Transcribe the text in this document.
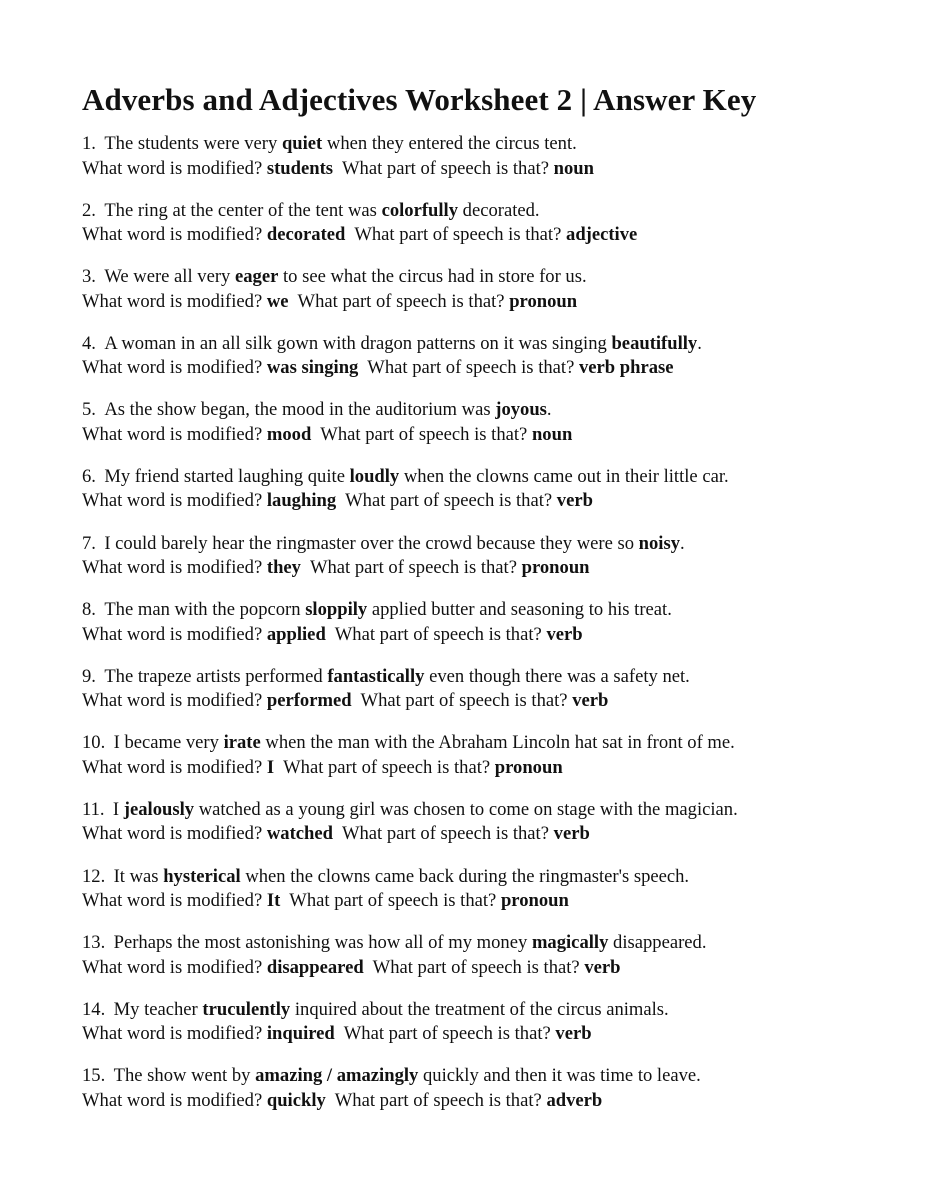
Adverbs and Adjectives Worksheet 2 | Answer Key
1. The students were very quiet when they entered the circus tent.
What word is modified? students What part of speech is that? noun
2. The ring at the center of the tent was colorfully decorated.
What word is modified? decorated What part of speech is that? adjective
3. We were all very eager to see what the circus had in store for us.
What word is modified? we What part of speech is that? pronoun
4. A woman in an all silk gown with dragon patterns on it was singing beautifully.
What word is modified? was singing What part of speech is that? verb phrase
5. As the show began, the mood in the auditorium was joyous.
What word is modified? mood What part of speech is that? noun
6. My friend started laughing quite loudly when the clowns came out in their little car.
What word is modified? laughing What part of speech is that? verb
7. I could barely hear the ringmaster over the crowd because they were so noisy.
What word is modified? they What part of speech is that? pronoun
8. The man with the popcorn sloppily applied butter and seasoning to his treat.
What word is modified? applied What part of speech is that? verb
9. The trapeze artists performed fantastically even though there was a safety net.
What word is modified? performed What part of speech is that? verb
10. I became very irate when the man with the Abraham Lincoln hat sat in front of me.
What word is modified? I What part of speech is that? pronoun
11. I jealously watched as a young girl was chosen to come on stage with the magician.
What word is modified? watched What part of speech is that? verb
12. It was hysterical when the clowns came back during the ringmaster's speech.
What word is modified? It What part of speech is that? pronoun
13. Perhaps the most astonishing was how all of my money magically disappeared.
What word is modified? disappeared What part of speech is that? verb
14. My teacher truculently inquired about the treatment of the circus animals.
What word is modified? inquired What part of speech is that? verb
15. The show went by amazing / amazingly quickly and then it was time to leave.
What word is modified? quickly What part of speech is that? adverb
